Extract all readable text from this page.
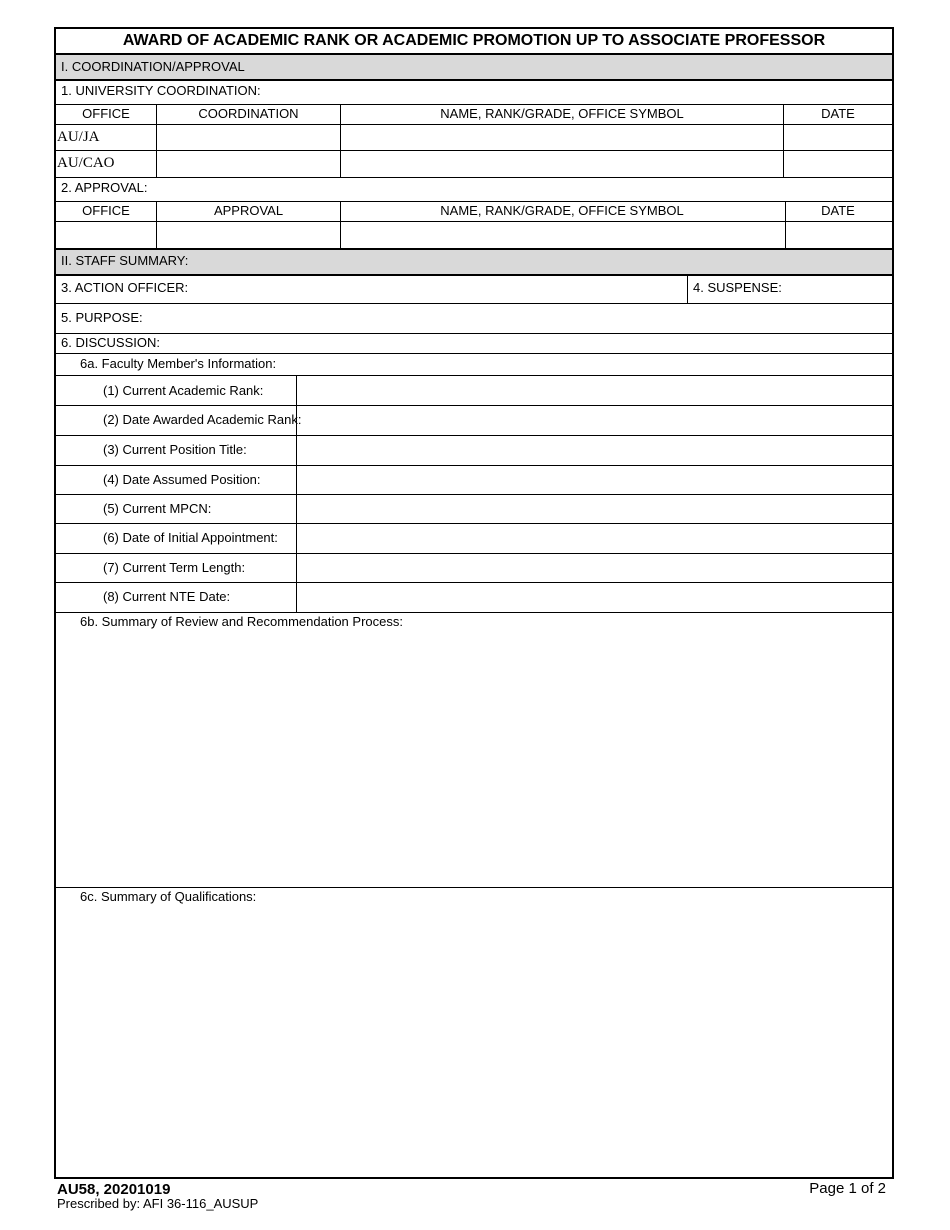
AWARD OF ACADEMIC RANK OR ACADEMIC PROMOTION UP TO ASSOCIATE PROFESSOR
I. COORDINATION/APPROVAL
1. UNIVERSITY COORDINATION:
OFFICE	COORDINATION	NAME, RANK/GRADE, OFFICE SYMBOL	DATE
AU/JA
AU/CAO
2. APPROVAL:
OFFICE	APPROVAL	NAME, RANK/GRADE, OFFICE SYMBOL	DATE
II. STAFF SUMMARY:
3. ACTION OFFICER:	4. SUSPENSE:
5. PURPOSE:
6. DISCUSSION:
6a. Faculty Member's Information:
(1) Current Academic Rank:
(2) Date Awarded Academic Rank:
(3) Current Position Title:
(4) Date Assumed Position:
(5) Current MPCN:
(6) Date of Initial Appointment:
(7) Current Term Length:
(8) Current NTE Date:
6b. Summary of Review and Recommendation Process:
6c. Summary of Qualifications:
AU58, 20201019
Prescribed by: AFI 36-116_AUSUP
Page 1 of 2
